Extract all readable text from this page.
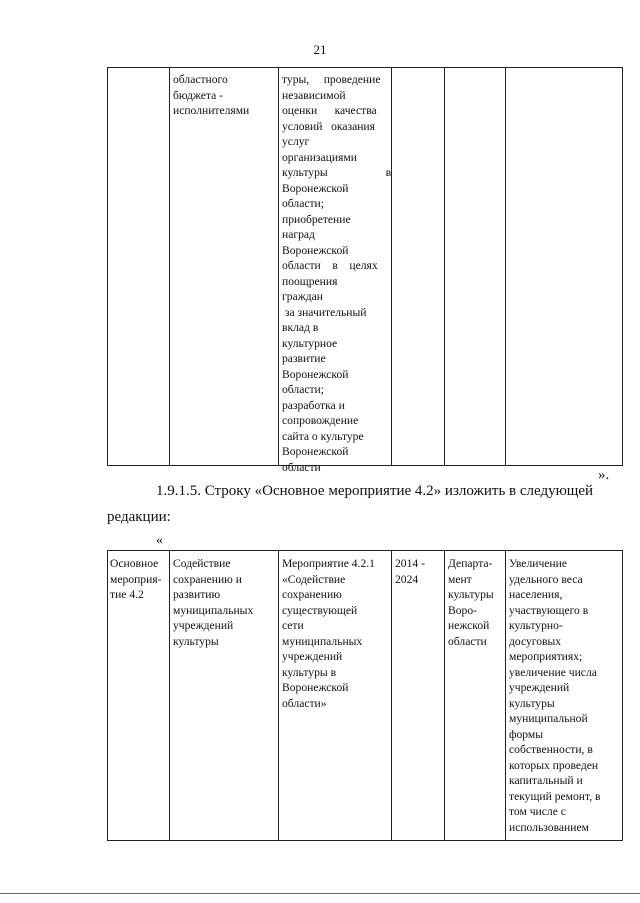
21

областного
бюджета -
исполнителями

туры,     проведение
независимой
оценки      качества
условий   оказания
услуг
организациями
культуры                    в
Воронежской
области;
приобретение
наград
Воронежской
области    в    целях
поощрения
граждан
за значительный
вклад в
культурное
развитие
Воронежской
области;
разработка и
сопровождение
сайта о культуре
Воронежской
области	».

1.9.1.5. Строку «Основное мероприятие 4.2» изложить в следующей

редакции:

«

Основное
мероприя-
тие 4.2

Содействие
сохранению и
развитию
муниципальных
учреждений
культуры

Мероприятие 4.2.1
«Содействие
сохранению
существующей
сети
муниципальных
учреждений
культуры в
Воронежской
области»

2014 -
2024

Департа-
мент
культуры
Воро-
нежской
области

Увеличение
удельного веса
населения,
участвующего в
культурно-
досуговых
мероприятиях;
увеличение числа
учреждений
культуры
муниципальной
формы
собственности, в
которых проведен
капитальный и
текущий ремонт, в
том числе с
использованием
